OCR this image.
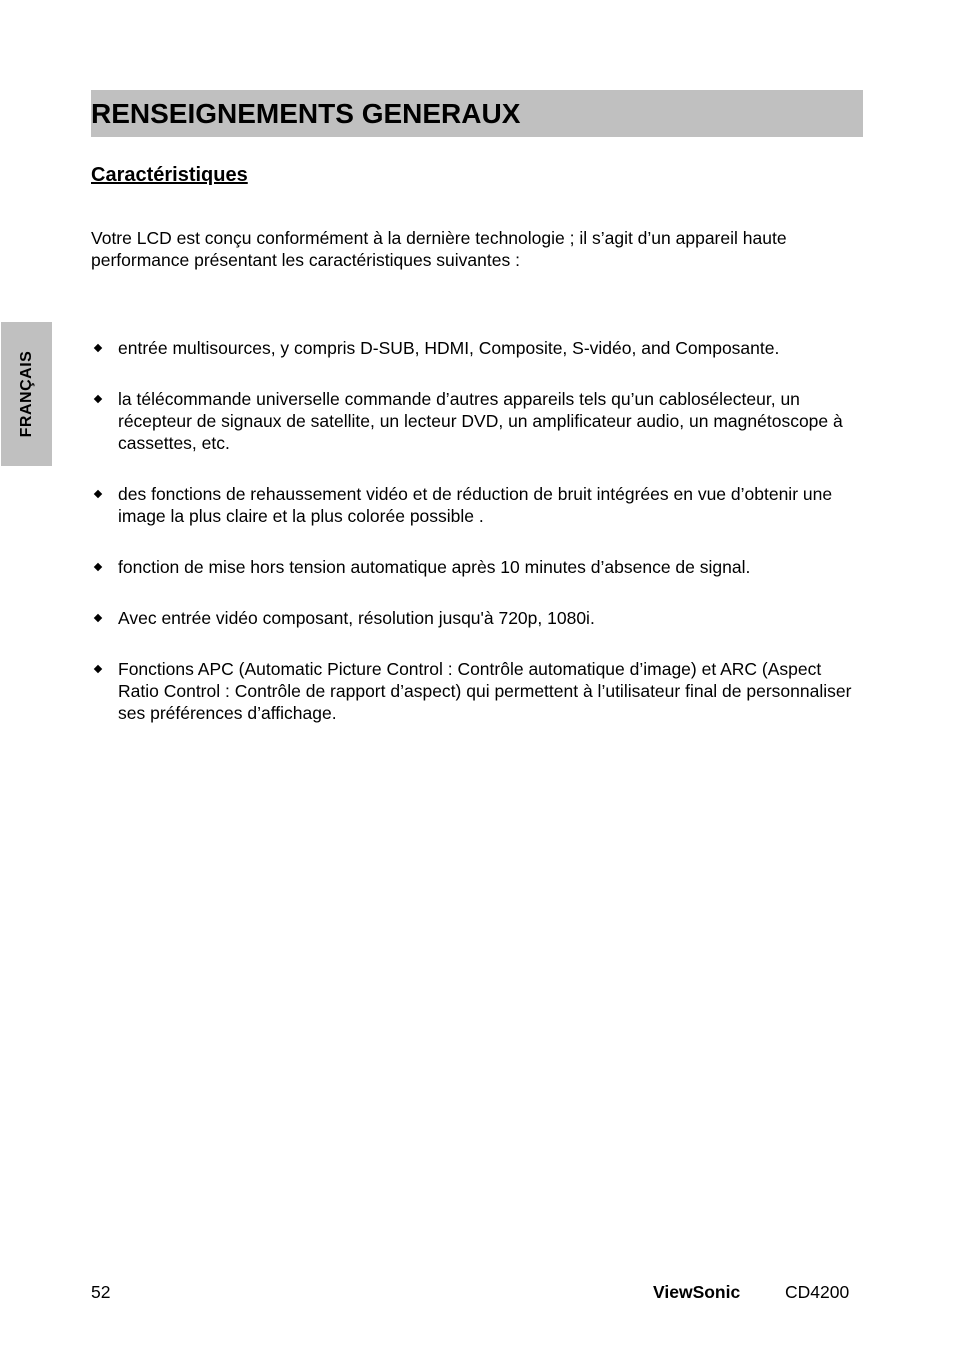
FRANÇAIS
RENSEIGNEMENTS GENERAUX
Caractéristiques

Votre LCD est conçu conformément à la dernière technologie ; il s’agit d’un appareil haute performance présentant les caractéristiques suivantes :

entrée multisources, y compris D-SUB, HDMI, Composite, S-vidéo, and Composante.
la télécommande universelle commande d’autres appareils tels qu’un cablosélecteur, un récepteur de signaux de satellite, un lecteur DVD, un amplificateur audio, un magnétoscope à cassettes, etc.
des fonctions de rehaussement vidéo et de réduction de bruit intégrées en vue d’obtenir une image la plus claire et la plus colorée possible .
fonction de mise hors tension automatique après 10 minutes d’absence de signal.
Avec entrée vidéo composant, résolution jusqu'à 720p, 1080i.
Fonctions APC (Automatic Picture Control : Contrôle automatique d’image) et ARC (Aspect Ratio Control : Contrôle de rapport d’aspect) qui permettent à l’utilisateur final de personnaliser ses préférences d’affichage.
52	ViewSonic	CD4200
